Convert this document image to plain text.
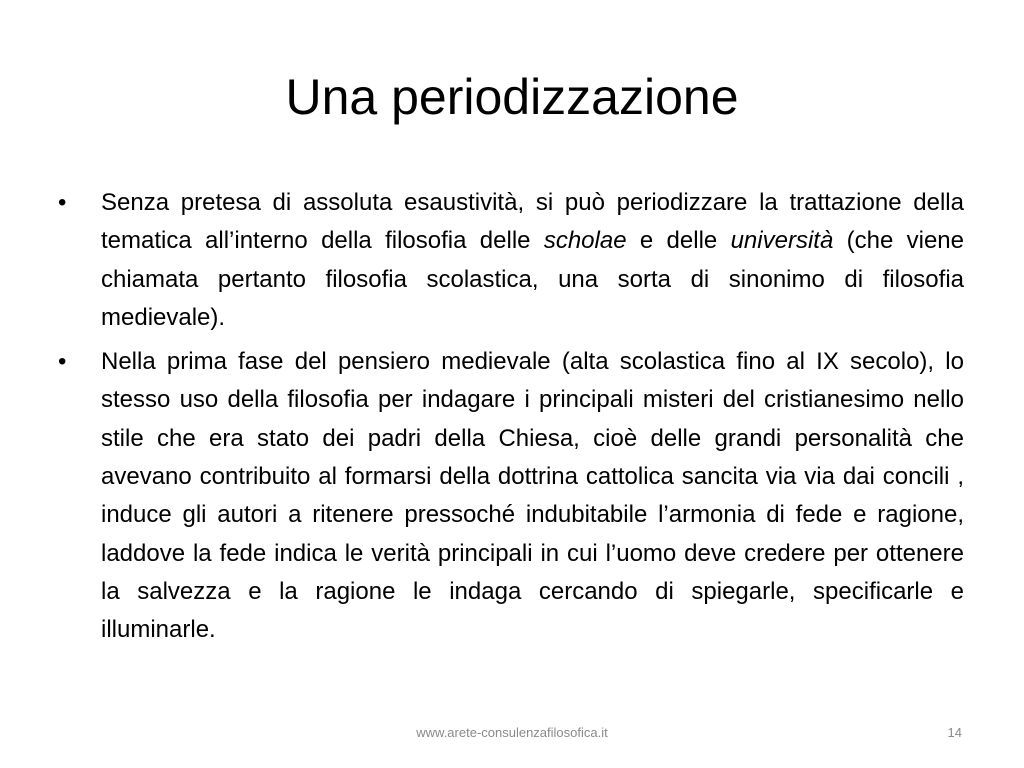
Una periodizzazione
• Senza pretesa di assoluta esaustività, si può periodizzare la trattazione della tematica all’interno della filosofia delle scholae e delle università (che viene chiamata pertanto filosofia scolastica, una sorta di sinonimo di filosofia medievale).

• Nella prima fase del pensiero medievale (alta scolastica fino al IX secolo), lo stesso uso della filosofia per indagare i principali misteri del cristianesimo nello stile che era stato dei padri della Chiesa, cioè delle grandi personalità che avevano contribuito al formarsi della dottrina cattolica sancita via via dai concili , induce gli autori a ritenere pressoché indubitabile l’armonia di fede e ragione, laddove la fede indica le verità principali in cui l’uomo deve credere per ottenere la salvezza e la ragione le indaga cercando di spiegarle, specificarle e illuminarle.

www.arete-consulenzafilosofica.it	14
